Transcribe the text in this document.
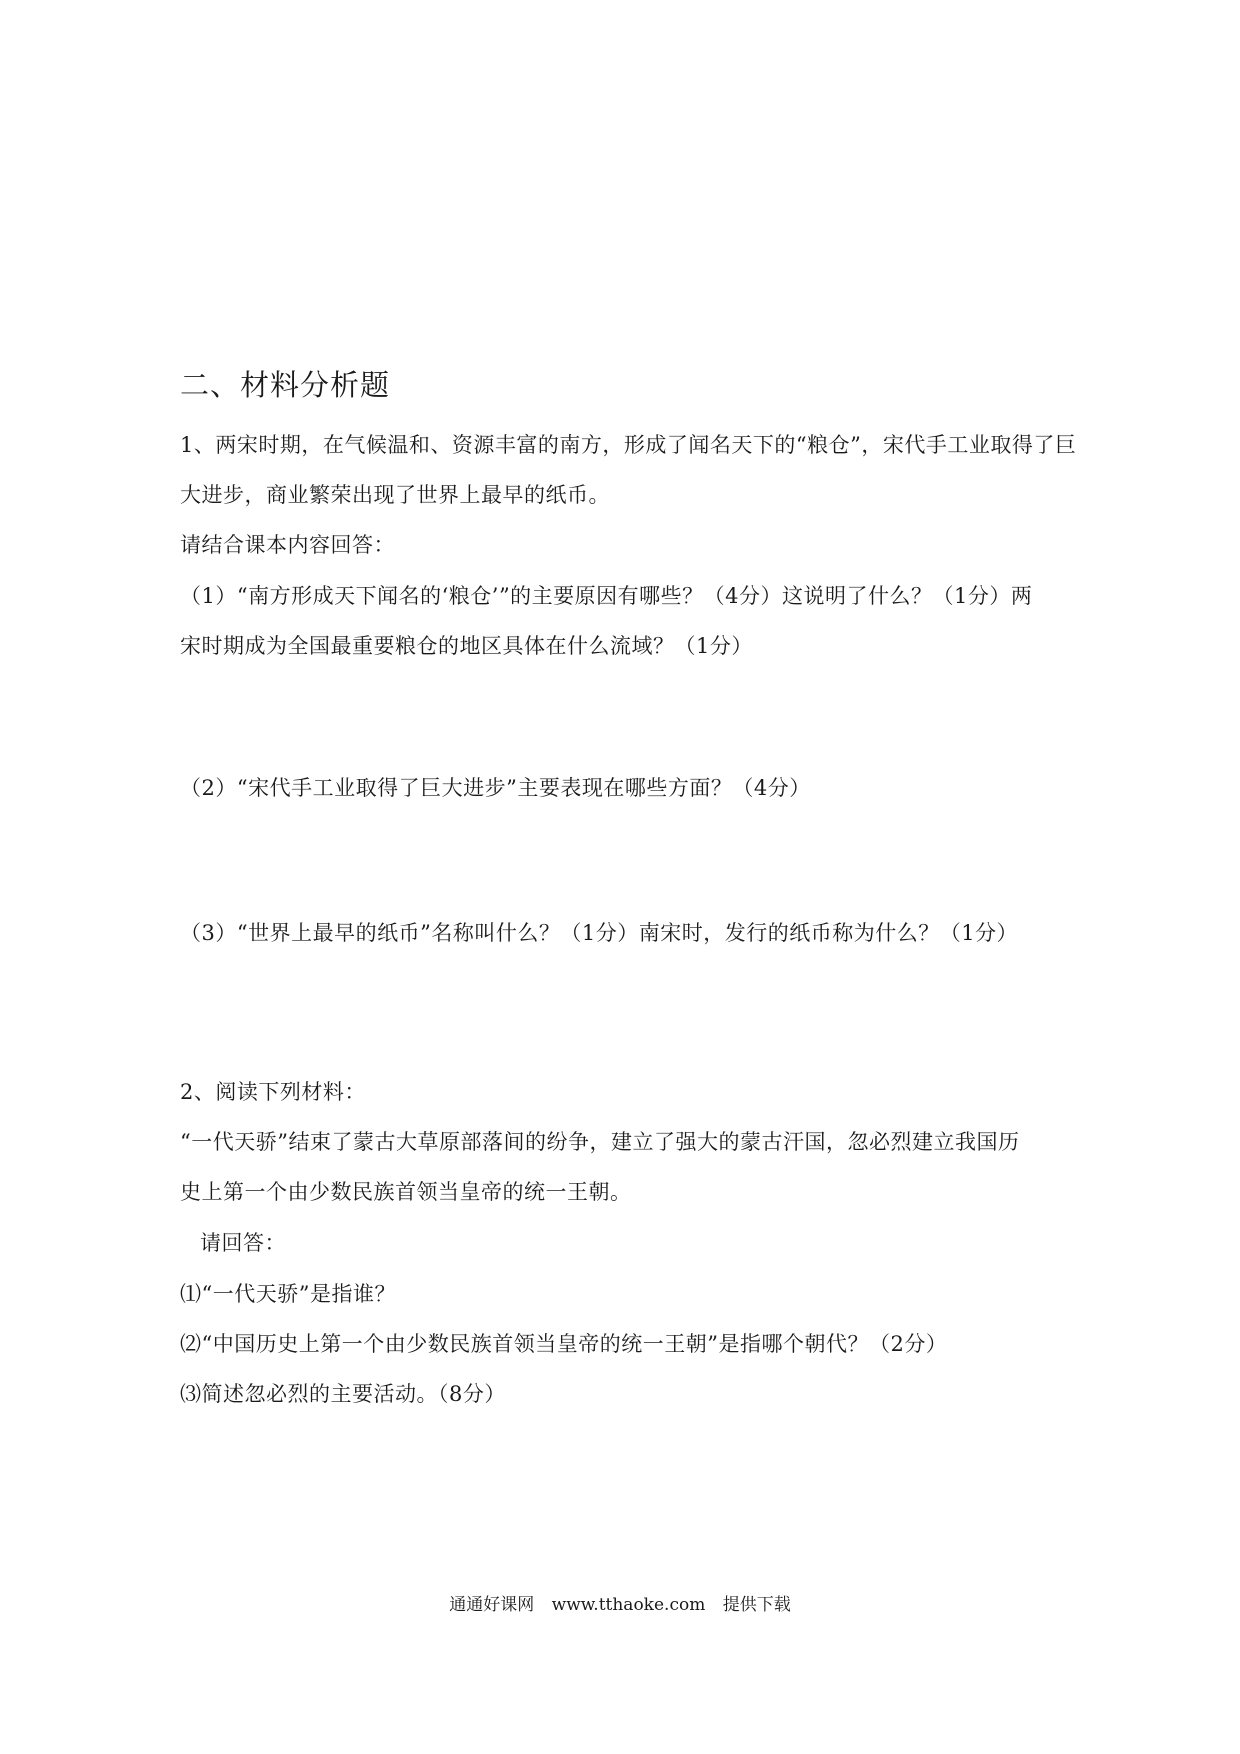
二、材料分析题
1、两宋时期，在气候温和、资源丰富的南方，形成了闻名天下的“粮仓”，宋代手工业取得了巨
大进步，商业繁荣出现了世界上最早的纸币。
请结合课本内容回答：
（1）“南方形成天下闻名的‘粮仓’”的主要原因有哪些？（4分）这说明了什么？（1分）两
宋时期成为全国最重要粮仓的地区具体在什么流域？（1分）
（2）“宋代手工业取得了巨大进步”主要表现在哪些方面？（4分）
（3）“世界上最早的纸币”名称叫什么？（1分）南宋时，发行的纸币称为什么？（1分）
2、阅读下列材料：
“一代天骄”结束了蒙古大草原部落间的纷争，建立了强大的蒙古汗国，忽必烈建立我国历
史上第一个由少数民族首领当皇帝的统一王朝。
请回答：
⑴“一代天骄”是指谁？
⑵“中国历史上第一个由少数民族首领当皇帝的统一王朝”是指哪个朝代？（2分）
⑶简述忽必烈的主要活动。（8分）
通通好课网 www.tthaoke.com 提供下载
